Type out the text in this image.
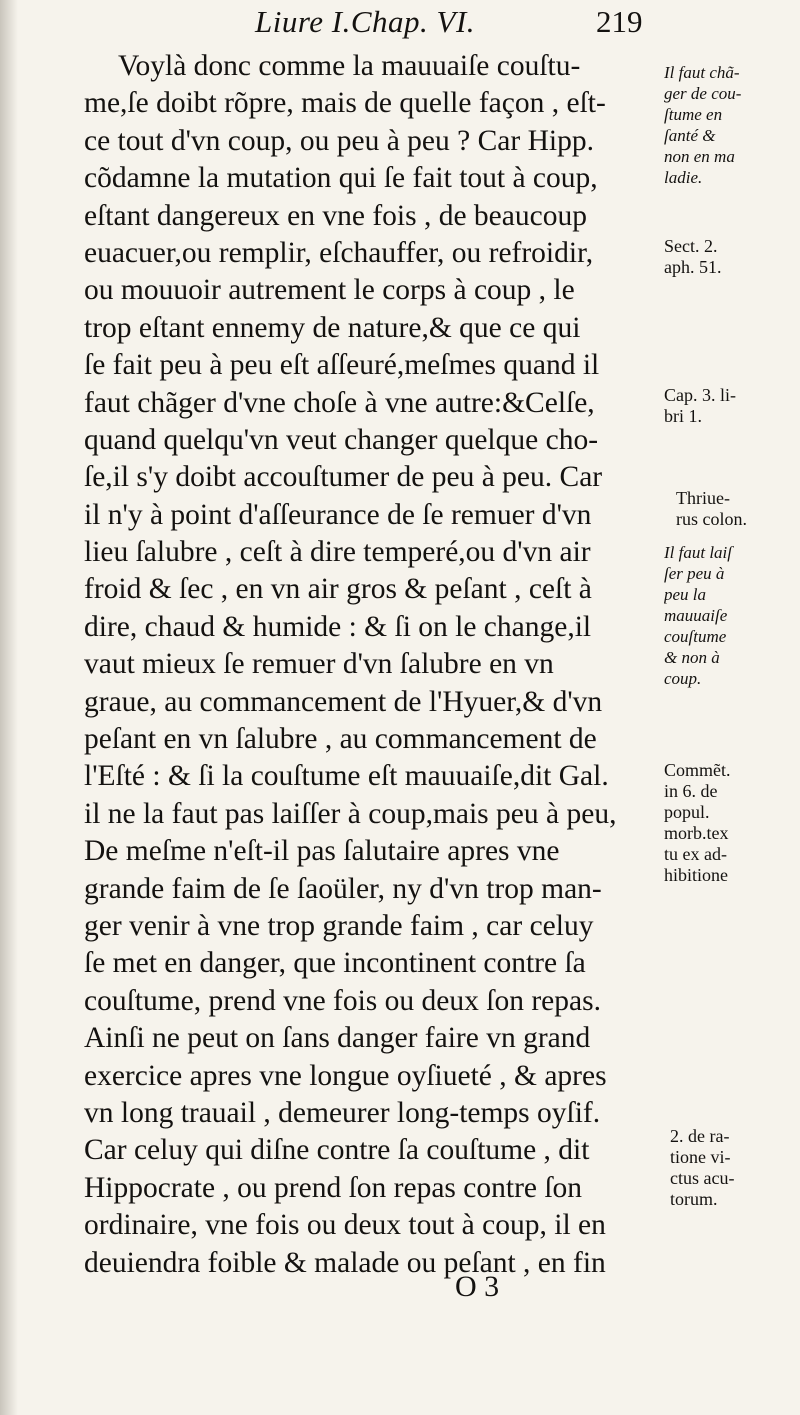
Liure I.Chap. VI.	219
Voylà donc comme la mauuaiſe couſtu-
me,ſe doibt rõpre, mais de quelle façon , eſt-
ce tout d'vn coup, ou peu à peu ? Car Hipp.
cõdamne la mutation qui ſe fait tout à coup,
eſtant dangereux en vne fois , de beaucoup
euacuer,ou remplir, eſchauffer, ou refroidir,
ou mouuoir autrement le corps à coup , le
trop eſtant ennemy de nature,& que ce qui
ſe fait peu à peu eſt aſſeuré,meſmes quand il
faut chãger d'vne choſe à vne autre:&Celſe,
quand quelqu'vn veut changer quelque cho-
ſe,il s'y doibt accouſtumer de peu à peu. Car
il n'y à point d'aſſeurance de ſe remuer d'vn
lieu ſalubre , ceſt à dire temperé,ou d'vn air
froid & ſec , en vn air gros & peſant , ceſt à
dire, chaud & humide : & ſi on le change,il
vaut mieux ſe remuer d'vn ſalubre en vn
graue, au commancement de l'Hyuer,& d'vn
peſant en vn ſalubre , au commancement de
l'Eſté : & ſi la couſtume eſt mauuaiſe,dit Gal.
il ne la faut pas laiſſer à coup,mais peu à peu,
De meſme n'eſt-il pas ſalutaire apres vne
grande faim de ſe ſaoüler, ny d'vn trop man-
ger venir à vne trop grande faim , car celuy
ſe met en danger, que incontinent contre ſa
couſtume, prend vne fois ou deux ſon repas.
Ainſi ne peut on ſans danger faire vn grand
exercice apres vne longue oyſiueté , & apres
vn long trauail , demeurer long-temps oyſif.
Car celuy qui diſne contre ſa couſtume , dit
Hippocrate , ou prend ſon repas contre ſon
ordinaire, vne fois ou deux tout à coup, il en
deuiendra foible & malade ou peſant , en fin
Il faut chã-
ger de cou-
ſtume en
ſanté &
non en ma
ladie.
Sect. 2.
aph. 51.
Cap. 3. li-
bri 1.
Thriue-
rus colon.
Il faut laiſ
ſer peu à
peu la
mauuaiſe
couſtume
& non à
coup.
Commẽt.
in 6. de
popul.
morb.tex
tu ex ad-
hibitione
2. de ra-
tione vi-
ctus acu-
torum.
O 3
